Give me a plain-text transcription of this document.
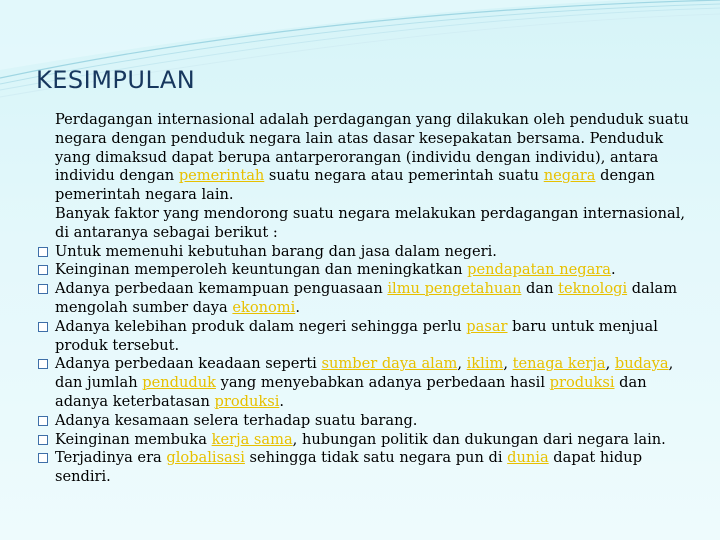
KESIMPULAN
Perdagangan internasional adalah perdagangan yang dilakukan oleh penduduk suatu negara dengan penduduk negara lain atas dasar kesepakatan bersama. Penduduk yang dimaksud dapat berupa antarperorangan (individu dengan individu), antara individu dengan pemerintah suatu negara atau pemerintah suatu negara dengan pemerintah negara lain.
Banyak faktor yang mendorong suatu negara melakukan perdagangan internasional, di antaranya sebagai berikut :
Untuk memenuhi kebutuhan barang dan jasa dalam negeri.
Keinginan memperoleh keuntungan dan meningkatkan pendapatan negara.
Adanya perbedaan kemampuan penguasaan ilmu pengetahuan dan teknologi dalam mengolah sumber daya ekonomi.
Adanya kelebihan produk dalam negeri sehingga perlu pasar baru untuk menjual produk tersebut.
Adanya perbedaan keadaan seperti sumber daya alam, iklim, tenaga kerja, budaya, dan jumlah penduduk yang menyebabkan adanya perbedaan hasil produksi dan adanya keterbatasan produksi.
Adanya kesamaan selera terhadap suatu barang.
Keinginan membuka kerja sama, hubungan politik dan dukungan dari negara lain.
Terjadinya era globalisasi sehingga tidak satu negara pun di dunia dapat hidup sendiri.
